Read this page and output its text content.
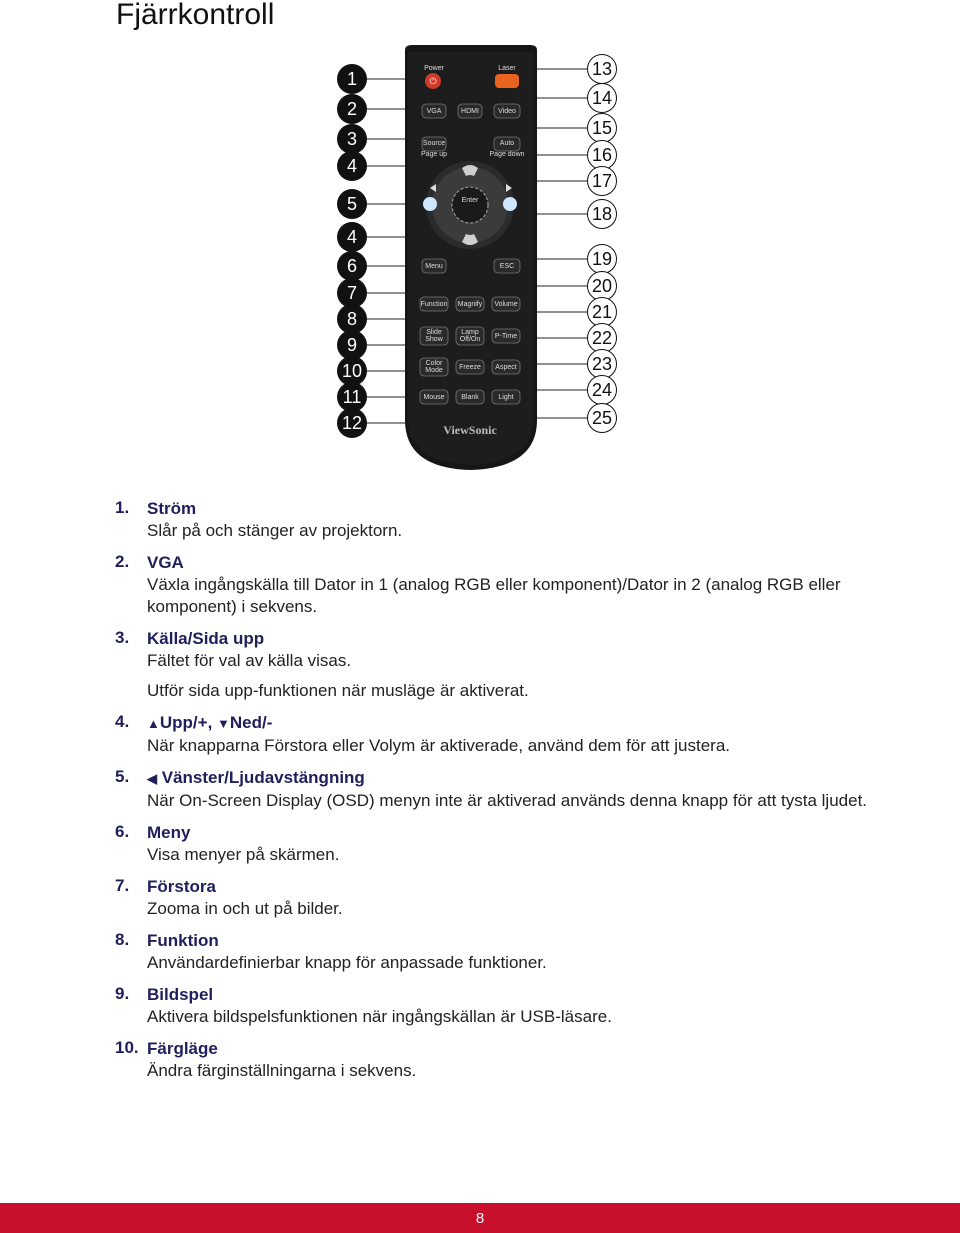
Fjärrkontroll
⏻
Power	Laser
VGA	HDMI	Video
Source
Page up
Auto
Page down
Enter
Menu	ESC
Function Magnify	Volume
Slide
Show
Lamp
Off/On	P-Time
Color
Mode	Freeze	Aspect
Mouse	Blank	Light
ViewSonic
1
2
3
4
5
4
6
7
8
9
10
11
12
13
14
15
16
17
18
19
20
21
22
23
24
25
1. Ström
Slår på och stänger av projektorn.
2. VGA
Växla ingångskälla till Dator in 1 (analog RGB eller komponent)/Dator in 2 (analog RGB eller komponent) i sekvens.
3. Källa/Sida upp
Fältet för val av källa visas.
Utför sida upp-funktionen när musläge är aktiverat.
4. ▲Upp/+, ▼Ned/-
När knapparna Förstora eller Volym är aktiverade, använd dem för att justera.
5. ◀ Vänster/Ljudavstängning
När On-Screen Display (OSD) menyn inte är aktiverad används denna knapp för att tysta ljudet.
6. Meny
Visa menyer på skärmen.
7. Förstora
Zooma in och ut på bilder.
8. Funktion
Användardefinierbar knapp för anpassade funktioner.
9. Bildspel
Aktivera bildspelsfunktionen när ingångskällan är USB-läsare.
10. Färgläge
Ändra färginställningarna i sekvens.
8
